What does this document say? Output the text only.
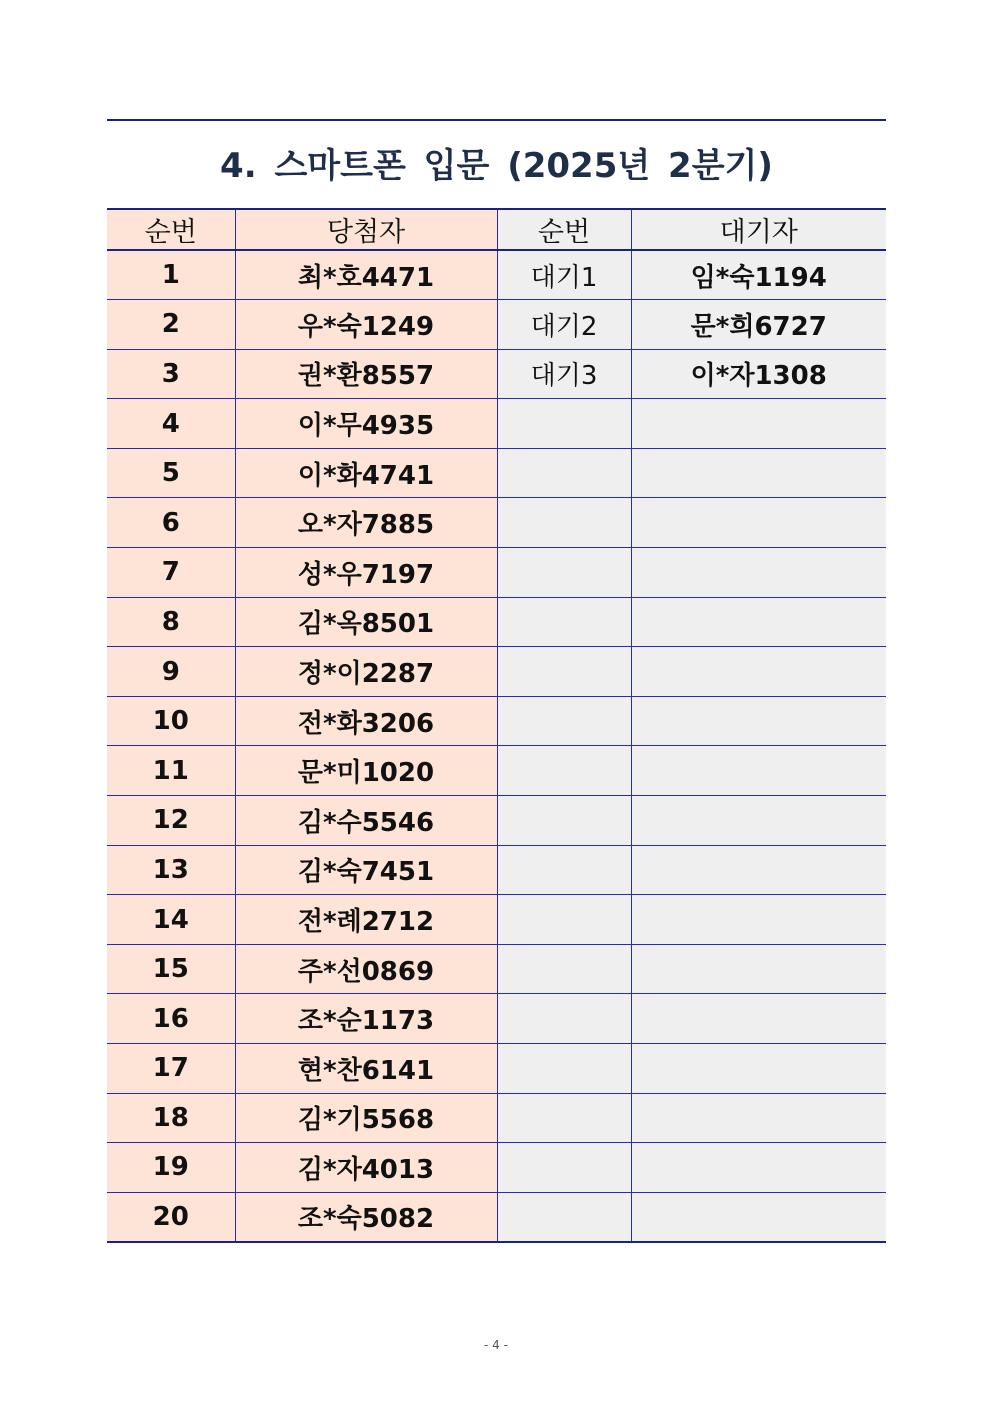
4. 스마트폰 입문 (2025년 2분기)
순번	당첨자	순번	대기자
1	최*호4471	대기1	임*숙1194
2	우*숙1249	대기2	문*희6727
3	권*환8557	대기3	이*자1308
4	이*무4935		
5	이*화4741		
6	오*자7885		
7	성*우7197		
8	김*옥8501		
9	정*이2287		
10	전*화3206		
11	문*미1020		
12	김*수5546		
13	김*숙7451		
14	전*례2712		
15	주*선0869		
16	조*순1173		
17	현*찬6141		
18	김*기5568		
19	김*자4013		
20	조*숙5082		
- 4 -
